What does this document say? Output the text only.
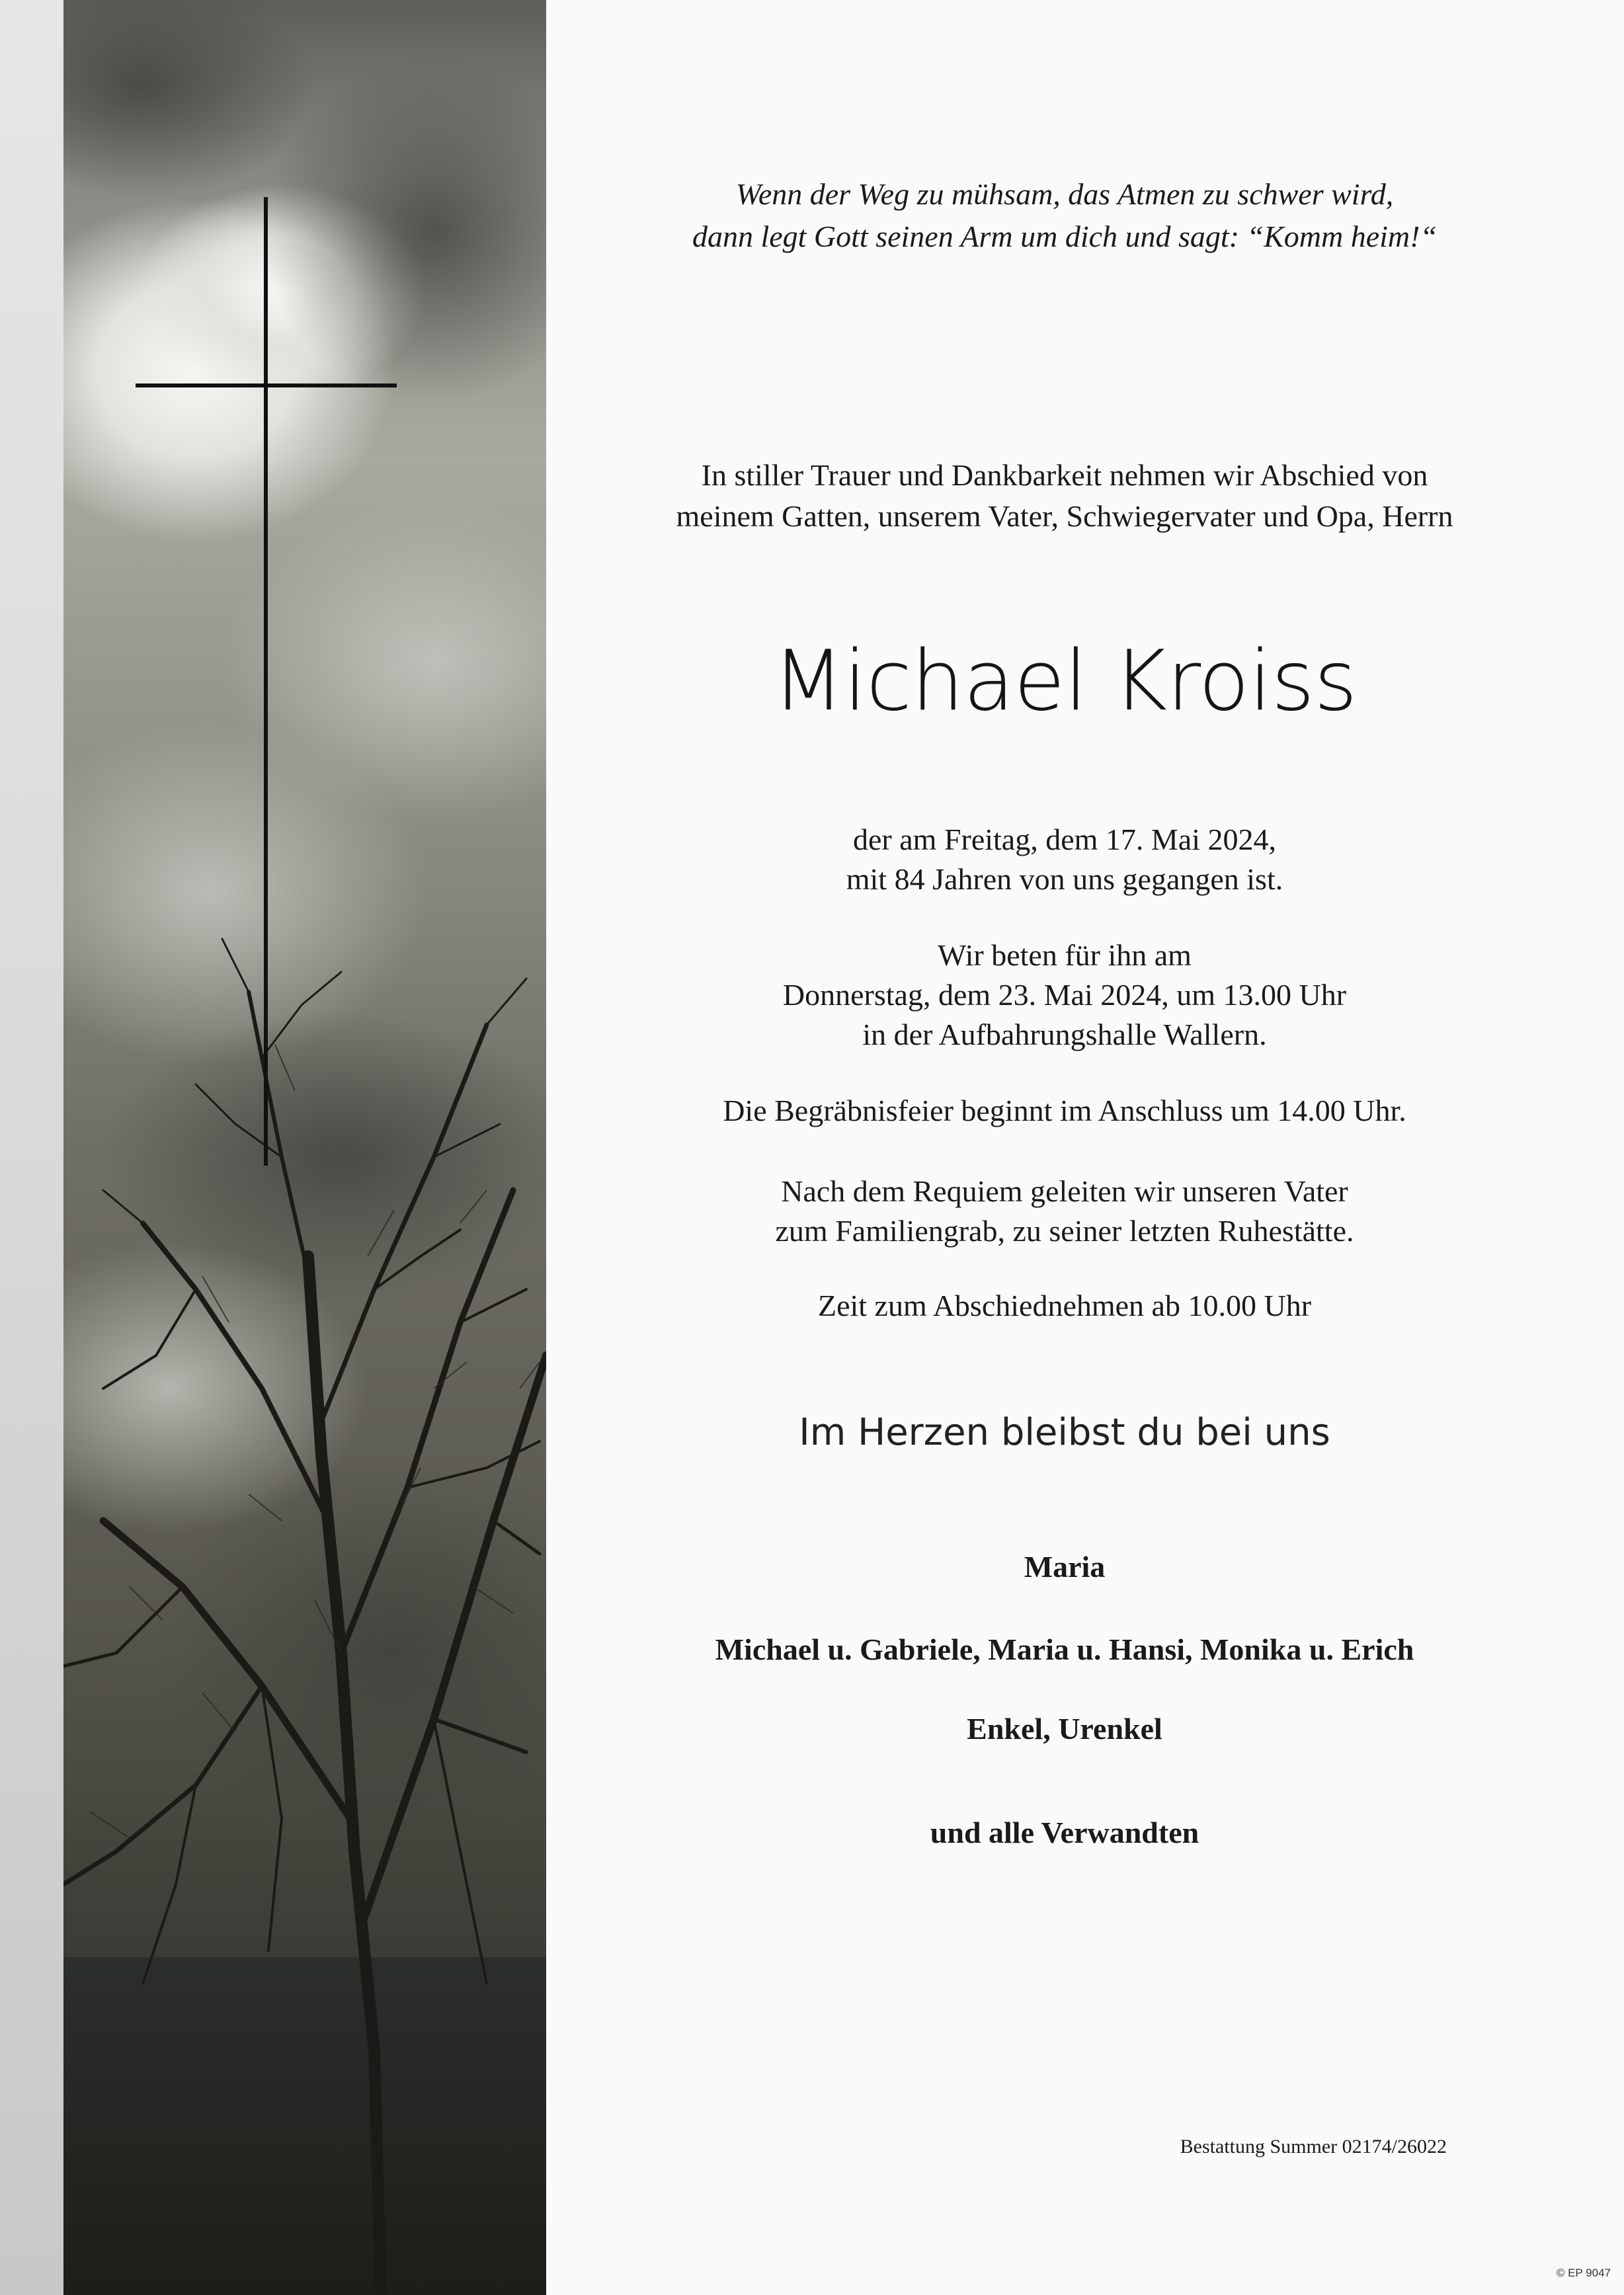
Wenn der Weg zu mühsam, das Atmen zu schwer wird,
dann legt Gott seinen Arm um dich und sagt: “Komm heim!“
In stiller Trauer und Dankbarkeit nehmen wir Abschied von
meinem Gatten, unserem Vater, Schwiegervater und Opa, Herrn
Michael Kroiss
der am Freitag, dem 17. Mai 2024,
mit 84 Jahren von uns gegangen ist.
Wir beten für ihn am
Donnerstag, dem 23. Mai 2024, um 13.00 Uhr
in der Aufbahrungshalle Wallern.
Die Begräbnisfeier beginnt im Anschluss um 14.00 Uhr.
Nach dem Requiem geleiten wir unseren Vater
zum Familiengrab, zu seiner letzten Ruhestätte.
Zeit zum Abschiednehmen ab 10.00 Uhr
Im Herzen bleibst du bei uns
Maria
Michael u. Gabriele, Maria u. Hansi, Monika u. Erich
Enkel, Urenkel
und alle Verwandten
Bestattung Summer 02174/26022
© EP 9047
